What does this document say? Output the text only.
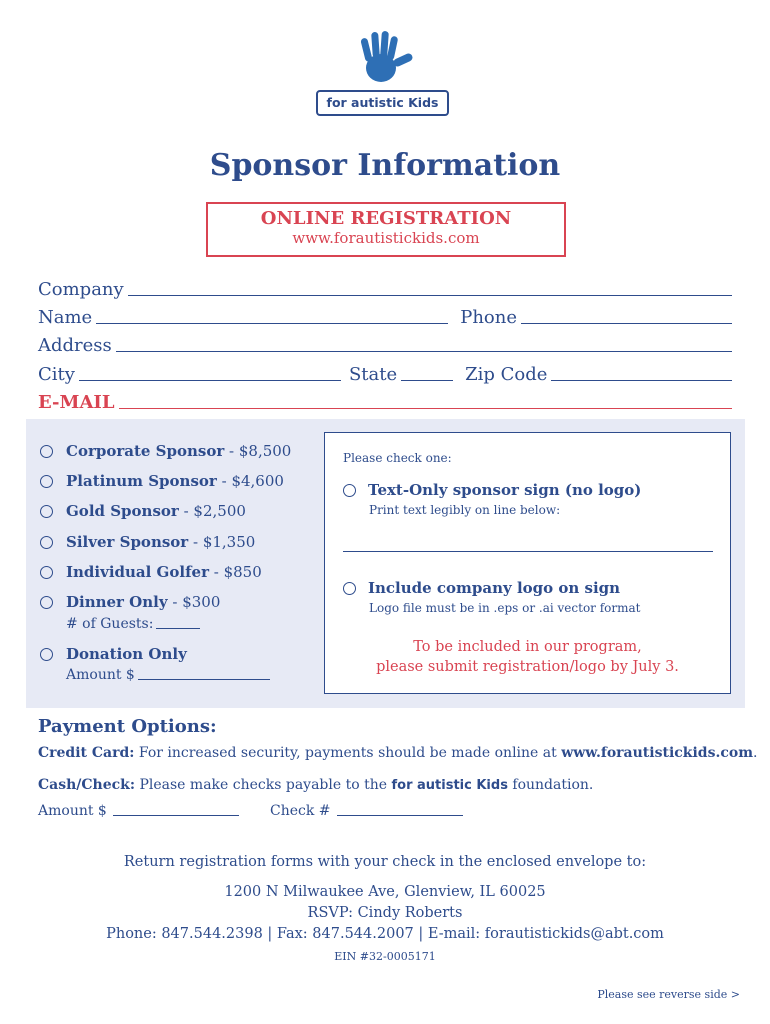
for autistic Kids
Sponsor Information
ONLINE REGISTRATION
www.forautistickids.com
Company
Name	Phone
Address
City	State	Zip Code
E-MAIL
Corporate Sponsor
- $8,500
Platinum Sponsor
- $4,600
Gold Sponsor
- $2,500
Silver Sponsor
- $1,350
Individual Golfer
- $850
Dinner Only
- $300
# of Guests:
Donation Only
Amount $
Please check one:
Text-Only sponsor sign (no logo)
Print text legibly on line below:
Include company logo on sign
Logo file must be in .eps or .ai vector format
To be included in our program,
please submit registration/logo by July 3.
Payment Options:
Credit Card: For increased security, payments should be made online at www.forautistickids.com.
Cash/Check: Please make checks payable to the for autistic Kids foundation.
Amount $	Check #
Return registration forms with your check in the enclosed envelope to:
1200 N Milwaukee Ave, Glenview, IL 60025
RSVP: Cindy Roberts
Phone: 847.544.2398 | Fax: 847.544.2007 | E-mail: forautistickids@abt.com
EIN #32-0005171
Please see reverse side >
